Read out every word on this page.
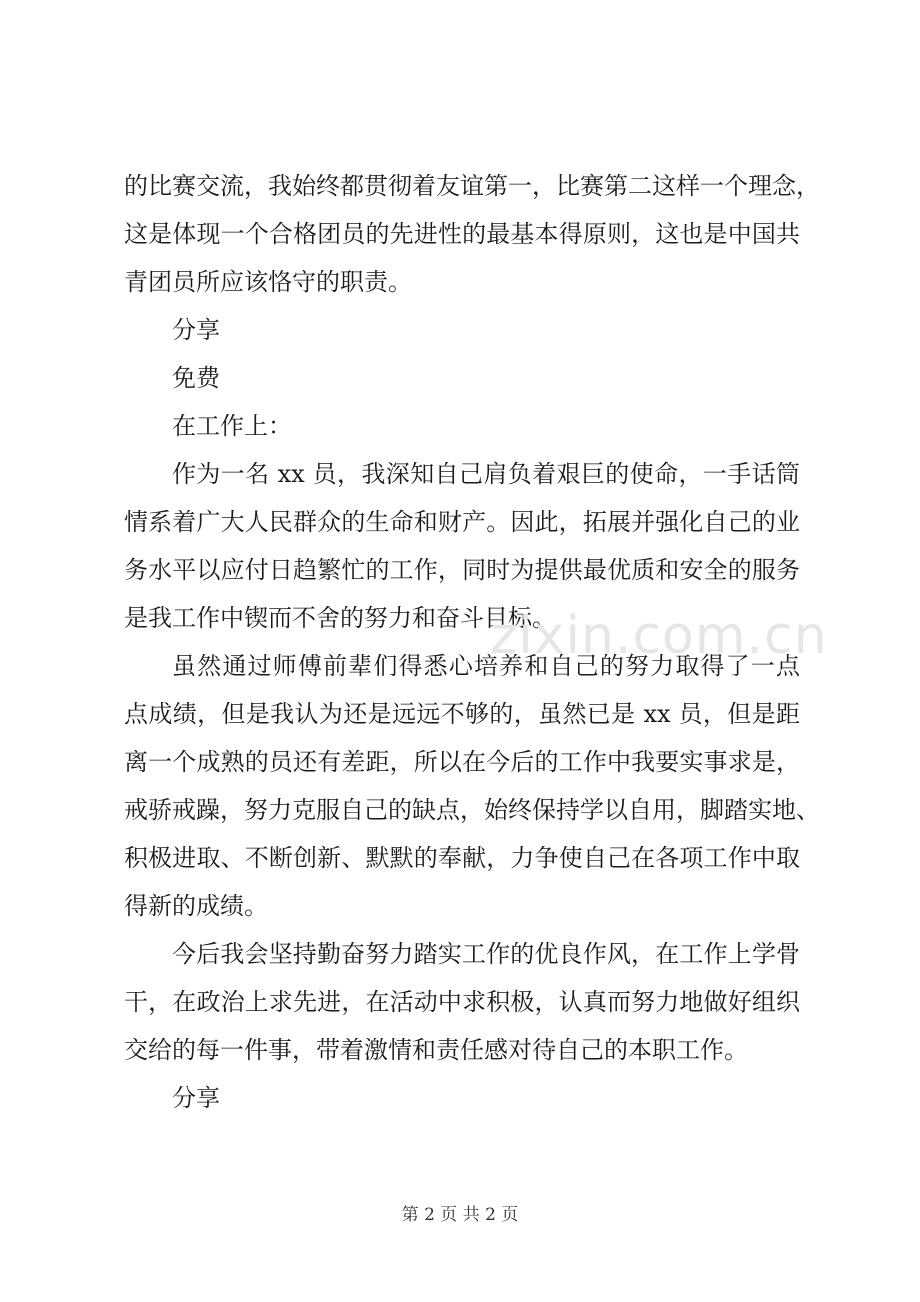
的比赛交流，我始终都贯彻着友谊第一，比赛第二这样一个理念，
这是体现一个合格团员的先进性的最基本得原则，这也是中国共
青团员所应该恪守的职责。
分享
免费
在工作上：
作为一名 xx 员，我深知自己肩负着艰巨的使命，一手话筒
情系着广大人民群众的生命和财产。因此，拓展并强化自己的业
务水平以应付日趋繁忙的工作，同时为提供最优质和安全的服务
是我工作中锲而不舍的努力和奋斗目标。
虽然通过师傅前辈们得悉心培养和自己的努力取得了一点
点成绩，但是我认为还是远远不够的，虽然已是 xx 员，但是距
离一个成熟的员还有差距，所以在今后的工作中我要实事求是，
戒骄戒躁，努力克服自己的缺点，始终保持学以自用，脚踏实地、
积极进取、不断创新、默默的奉献，力争使自己在各项工作中取
得新的成绩。
今后我会坚持勤奋努力踏实工作的优良作风，在工作上学骨
干，在政治上求先进，在活动中求积极，认真而努力地做好组织
交给的每一件事，带着激情和责任感对待自己的本职工作。
分享
zixin.com.cn
第 2 页 共 2 页
